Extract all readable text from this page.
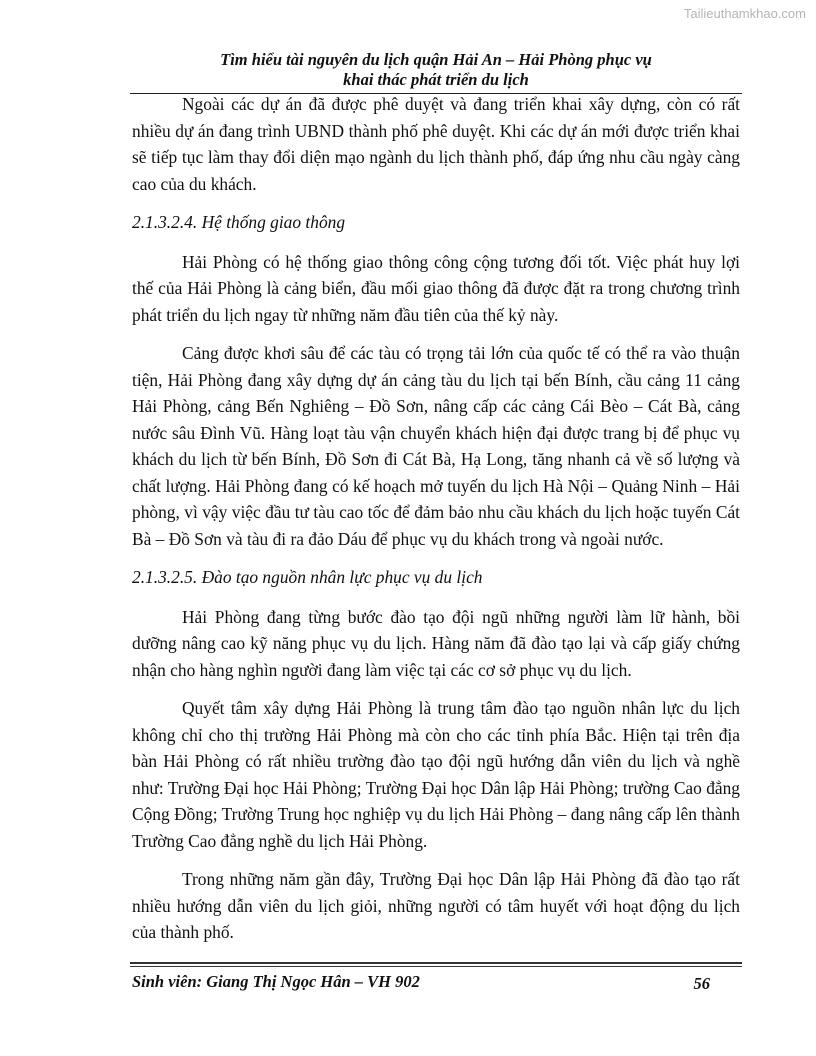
Tailieuthamkhao.com
Tìm hiểu tài nguyên du lịch quận Hải An – Hải Phòng phục vụ
khai thác phát triển du lịch

Ngoài các dự án đã được phê duyệt và đang triển khai xây dựng, còn có rất nhiều dự án đang trình UBND thành phố phê duyệt. Khi các dự án mới được triển khai sẽ tiếp tục làm thay đổi diện mạo ngành du lịch thành phố, đáp ứng nhu cầu ngày càng cao của du khách.

2.1.3.2.4. Hệ thống giao thông

Hải Phòng có hệ thống giao thông công cộng tương đối tốt. Việc phát huy lợi thế của Hải Phòng là cảng biển, đầu mối giao thông đã được đặt ra trong chương trình phát triển du lịch ngay từ những năm đầu tiên của thế kỷ này.

Cảng được khơi sâu để các tàu có trọng tải lớn của quốc tế có thể ra vào thuận tiện, Hải Phòng đang xây dựng dự án cảng tàu du lịch tại bến Bính, cầu cảng 11 cảng Hải Phòng, cảng Bến Nghiêng – Đồ Sơn, nâng cấp các cảng Cái Bèo – Cát Bà, cảng nước sâu Đình Vũ. Hàng loạt tàu vận chuyển khách hiện đại được trang bị để phục vụ khách du lịch từ bến Bính, Đồ Sơn đi Cát Bà, Hạ Long, tăng nhanh cả về số lượng và chất lượng. Hải Phòng đang có kế hoạch mở tuyến du lịch Hà Nội – Quảng Ninh – Hải phòng, vì vậy việc đầu tư tàu cao tốc để đảm bảo nhu cầu khách du lịch hoặc tuyến Cát Bà – Đồ Sơn và tàu đi ra đảo Dáu để phục vụ du khách trong và ngoài nước.

2.1.3.2.5. Đào tạo nguồn nhân lực phục vụ du lịch

Hải Phòng đang từng bước đào tạo đội ngũ những người làm lữ hành, bồi dưỡng nâng cao kỹ năng phục vụ du lịch. Hàng năm đã đào tạo lại và cấp giấy chứng nhận cho hàng nghìn người đang làm việc tại các cơ sở phục vụ du lịch.

Quyết tâm xây dựng Hải Phòng là trung tâm đào tạo nguồn nhân lực du lịch không chỉ cho thị trường Hải Phòng mà còn cho các tỉnh phía Bắc. Hiện tại trên địa bàn Hải Phòng có rất nhiều trường đào tạo đội ngũ hướng dẫn viên du lịch và nghề như: Trường Đại học Hải Phòng; Trường Đại học Dân lập Hải Phòng; trường Cao đẳng Cộng Đồng; Trường Trung học nghiệp vụ du lịch Hải Phòng – đang nâng cấp lên thành Trường Cao đẳng nghề du lịch Hải Phòng.

Trong những năm gần đây, Trường Đại học Dân lập Hải Phòng đã đào tạo rất nhiều hướng dẫn viên du lịch giỏi, những người có tâm huyết với hoạt động du lịch của thành phố.

Sinh viên: Giang Thị Ngọc Hân – VH 902	56
